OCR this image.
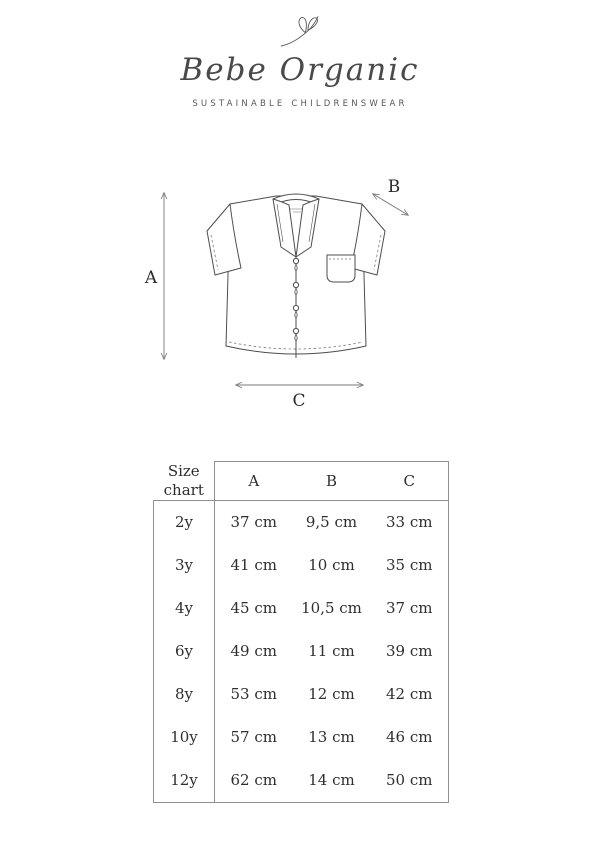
Bebe Organic
SUSTAINABLE CHILDRENSWEAR
A
B
C
Size chart	A	B	C
2y	37 cm	9,5 cm	33 cm
3y	41 cm	10 cm	35 cm
4y	45 cm	10,5 cm	37 cm
6y	49 cm	11 cm	39 cm
8y	53 cm	12 cm	42 cm
10y	57 cm	13 cm	46 cm
12y	62 cm	14 cm	50 cm
